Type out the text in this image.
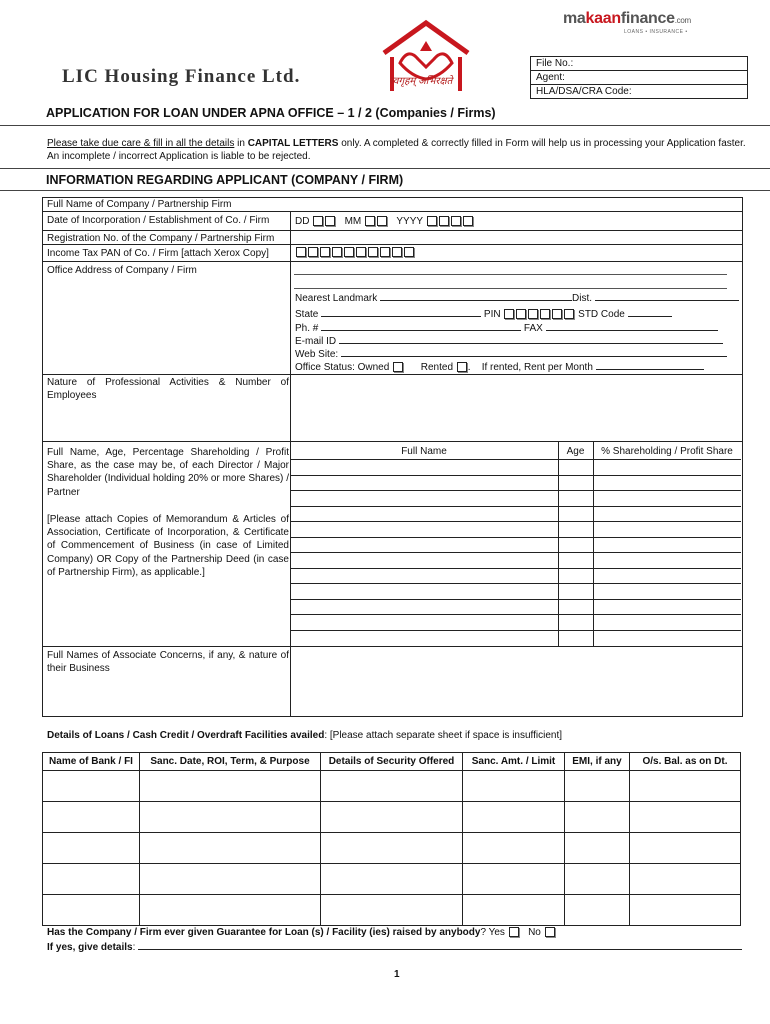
LIC Housing Finance Ltd.	स्वगृहम् अभिरक्षते
makaanfinance.com
LOANS • INSURANCE •
File No.:
Agent:
HLA/DSA/CRA Code:
APPLICATION FOR LOAN UNDER APNA OFFICE – 1 / 2 (Companies / Firms)
Please take due care & fill in all the details in CAPITAL LETTERS only. A completed & correctly filled in Form will help us in processing your Application faster. An incomplete / incorrect Application is liable to be rejected.
INFORMATION REGARDING APPLICANT (COMPANY / FIRM)
Full Name of Company / Partnership Firm
Date of Incorporation / Establishment of Co. / Firm	DD	MM	YYYY
Registration No. of the Company / Partnership Firm
Income Tax PAN of Co. / Firm [attach Xerox Copy]
Office Address of Company / Firm
Nearest Landmark	Dist.
State	PIN	STD Code
Ph. #	FAX
E-mail ID
Web Site:
Office Status: Owned	Rented .    If rented, Rent per Month
Nature of Professional Activities & Number of Employees
Full Name, Age, Percentage Shareholding / Profit Share, as the case may be, of each Director / Major Shareholder (Individual holding 20% or more Shares) / Partner
[Please attach Copies of Memorandum & Articles of Association, Certificate of Incorporation, & Certificate of Commencement of Business (in case of Limited Company) OR Copy of the Partnership Deed (in case of Partnership Firm), as applicable.]
Full Name	Age	% Shareholding / Profit Share
Full Names of Associate Concerns, if any, & nature of their Business
Details of Loans / Cash Credit / Overdraft Facilities availed: [Please attach separate sheet if space is insufficient]
Name of Bank / FI	Sanc. Date, ROI, Term, & Purpose	Details of Security Offered	Sanc. Amt. / Limit	EMI, if any	O/s. Bal. as on Dt.

Has the Company / Firm ever given Guarantee for Loan (s) / Facility (ies) raised by anybody? Yes No
If yes, give details:
1
